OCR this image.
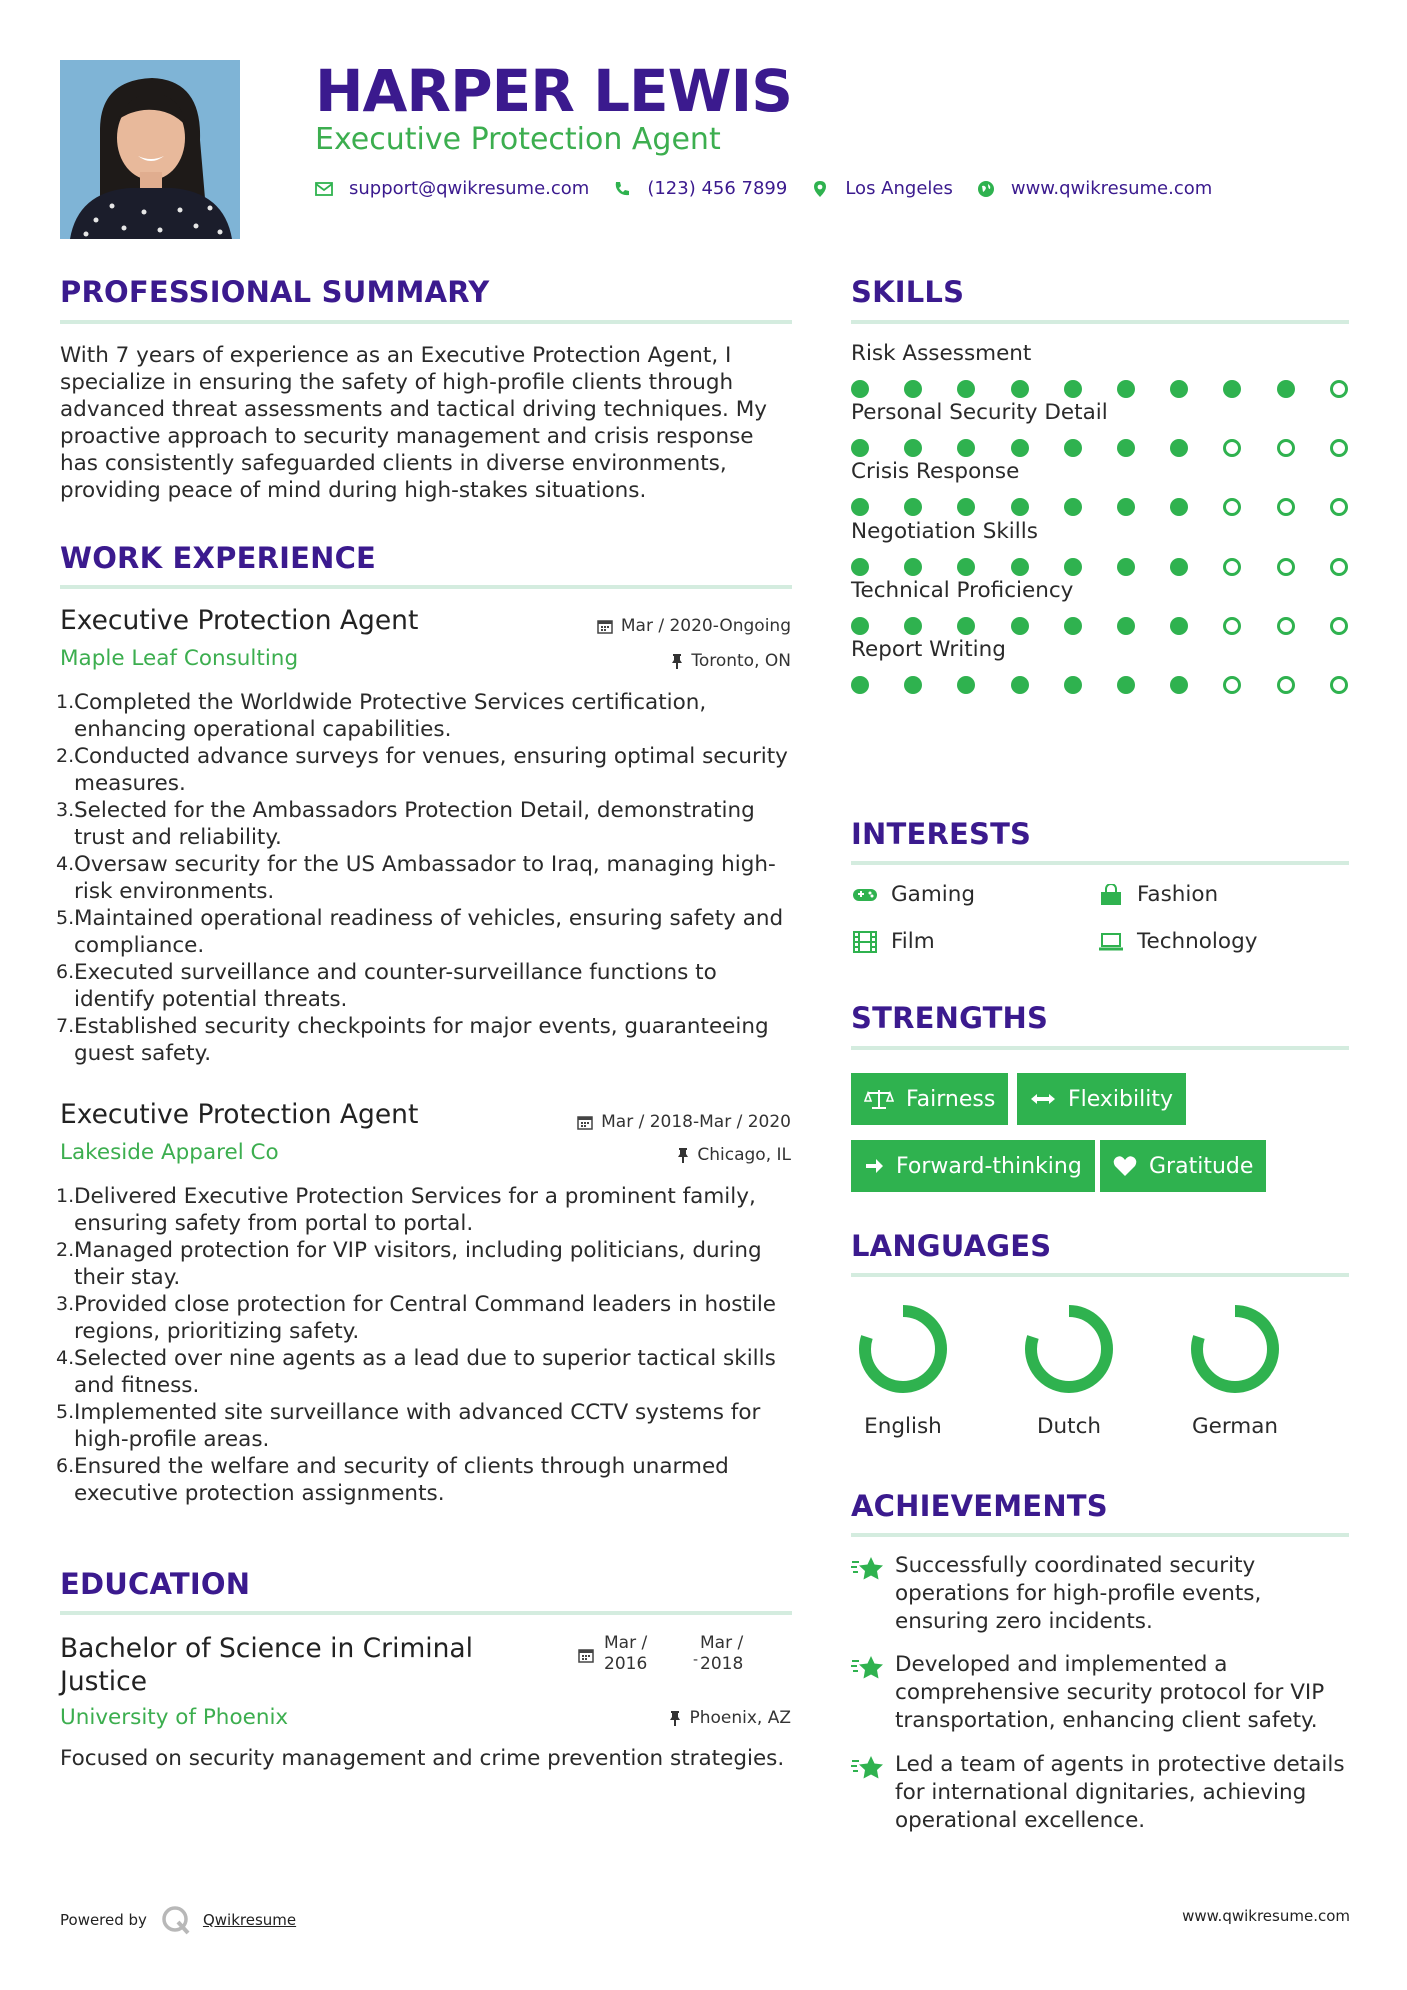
HARPER LEWIS
Executive Protection Agent
support@qwikresume.com	(123) 456 7899	Los Angeles	www.qwikresume.com
PROFESSIONAL SUMMARY
With 7 years of experience as an Executive Protection Agent, I specialize in ensuring the safety of high-profile clients through advanced threat assessments and tactical driving techniques. My proactive approach to security management and crisis response has consistently safeguarded clients in diverse environments, providing peace of mind during high-stakes situations.
WORK EXPERIENCE
Executive Protection Agent	Mar / 2020-Ongoing
Maple Leaf Consulting	Toronto, ON
1. Completed the Worldwide Protective Services certification, enhancing operational capabilities.
2. Conducted advance surveys for venues, ensuring optimal security measures.
3. Selected for the Ambassadors Protection Detail, demonstrating trust and reliability.
4. Oversaw security for the US Ambassador to Iraq, managing high-risk environments.
5. Maintained operational readiness of vehicles, ensuring safety and compliance.
6. Executed surveillance and counter-surveillance functions to identify potential threats.
7. Established security checkpoints for major events, guaranteeing guest safety.
Executive Protection Agent	Mar / 2018-Mar / 2020
Lakeside Apparel Co	Chicago, IL
1. Delivered Executive Protection Services for a prominent family, ensuring safety from portal to portal.
2. Managed protection for VIP visitors, including politicians, during their stay.
3. Provided close protection for Central Command leaders in hostile regions, prioritizing safety.
4. Selected over nine agents as a lead due to superior tactical skills and fitness.
5. Implemented site surveillance with advanced CCTV systems for high-profile areas.
6. Ensured the welfare and security of clients through unarmed executive protection assignments.
EDUCATION
Bachelor of Science in Criminal Justice
Mar / 2016	-
Mar / 2018
University of Phoenix	Phoenix, AZ
Focused on security management and crime prevention strategies.
SKILLS
Risk Assessment
Personal Security Detail
Crisis Response
Negotiation Skills
Technical Proficiency
Report Writing
INTERESTS
Gaming	Fashion
Film	Technology
STRENGTHS
Fairness	Flexibility
Forward-thinking	Gratitude
LANGUAGES
English	Dutch	German
ACHIEVEMENTS
Successfully coordinated security operations for high-profile events, ensuring zero incidents.
Developed and implemented a comprehensive security protocol for VIP transportation, enhancing client safety.
Led a team of agents in protective details for international dignitaries, achieving operational excellence.
Powered by	Qwikresume	www.qwikresume.com
